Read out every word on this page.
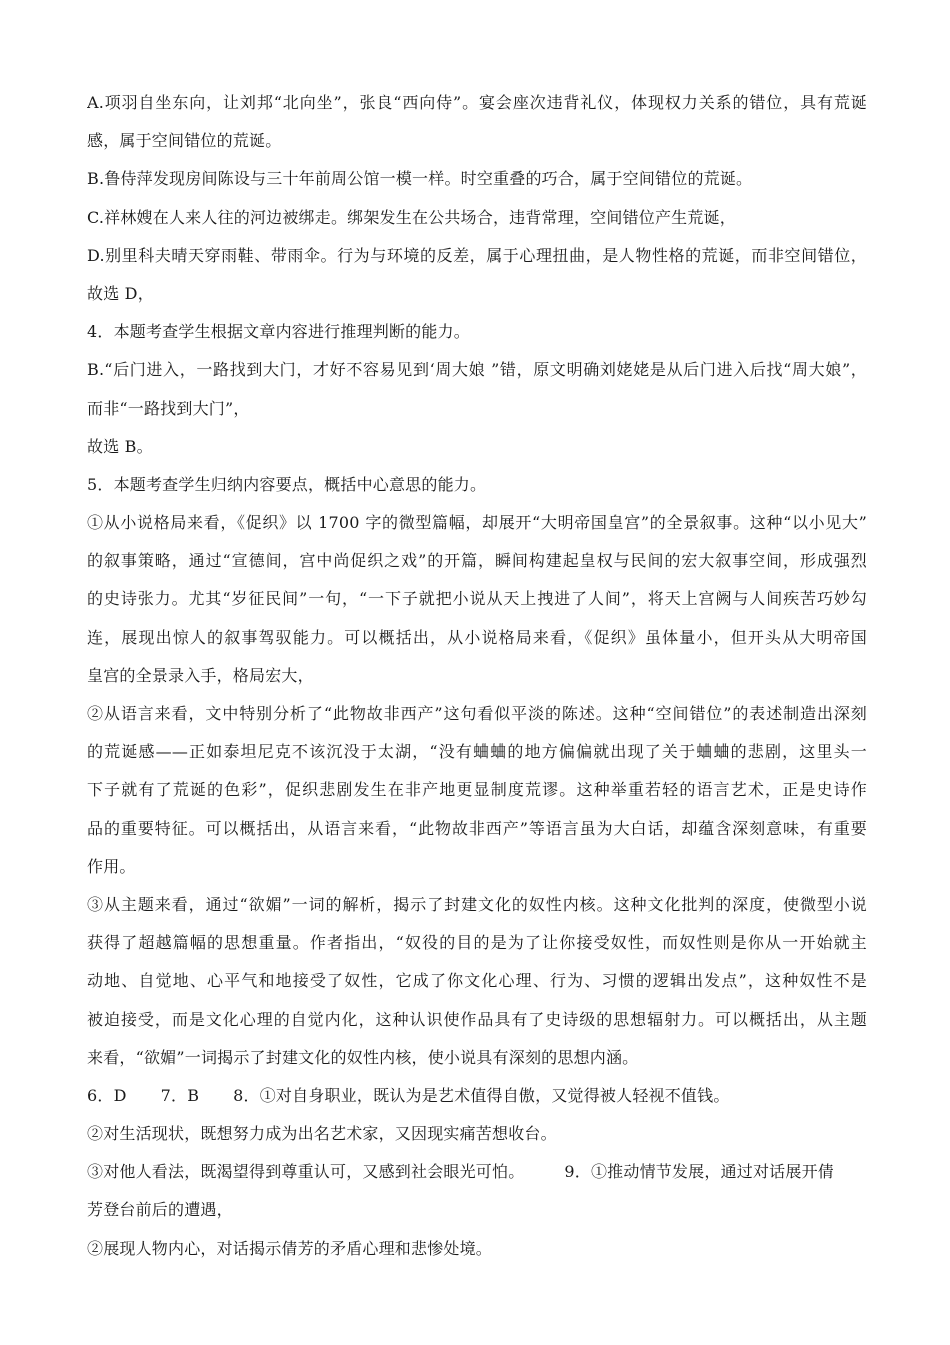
A.项羽自坐东向，让刘邦“北向坐”，张良“西向侍”。宴会座次违背礼仪，体现权力关系的错位，具有荒诞
感，属于空间错位的荒诞。
B.鲁侍萍发现房间陈设与三十年前周公馆一模一样。时空重叠的巧合，属于空间错位的荒诞。
C.祥林嫂在人来人往的河边被绑走。绑架发生在公共场合，违背常理，空间错位产生荒诞，
D.别里科夫晴天穿雨鞋、带雨伞。行为与环境的反差，属于心理扭曲，是人物性格的荒诞，而非空间错位，
故选 D，
4．本题考查学生根据文章内容进行推理判断的能力。
B.“后门进入，一路找到大门，才好不容易见到‘周大娘 ”错，原文明确刘姥姥是从后门进入后找“周大娘”，
而非“一路找到大门”，
故选 B。
5．本题考查学生归纳内容要点，概括中心意思的能力。
①从小说格局来看，《促织》以 1700 字的微型篇幅，却展开“大明帝国皇宫”的全景叙事。这种“以小见大”
的叙事策略，通过“宣德间，宫中尚促织之戏”的开篇，瞬间构建起皇权与民间的宏大叙事空间，形成强烈
的史诗张力。尤其“岁征民间”一句，“一下子就把小说从天上拽进了人间”，将天上宫阙与人间疾苦巧妙勾
连，展现出惊人的叙事驾驭能力。可以概括出，从小说格局来看，《促织》虽体量小，但开头从大明帝国
皇宫的全景录入手，格局宏大，
②从语言来看，文中特别分析了“此物故非西产”这句看似平淡的陈述。这种“空间错位”的表述制造出深刻
的荒诞感——正如泰坦尼克不该沉没于太湖，“没有蛐蛐的地方偏偏就出现了关于蛐蛐的悲剧，这里头一
下子就有了荒诞的色彩”，促织悲剧发生在非产地更显制度荒谬。这种举重若轻的语言艺术，正是史诗作
品的重要特征。可以概括出，从语言来看，“此物故非西产”等语言虽为大白话，却蕴含深刻意味，有重要
作用。
③从主题来看，通过“欲媚”一词的解析，揭示了封建文化的奴性内核。这种文化批判的深度，使微型小说
获得了超越篇幅的思想重量。作者指出，“奴役的目的是为了让你接受奴性，而奴性则是你从一开始就主
动地、自觉地、心平气和地接受了奴性，它成了你文化心理、行为、习惯的逻辑出发点”，这种奴性不是
被迫接受，而是文化心理的自觉内化，这种认识使作品具有了史诗级的思想辐射力。可以概括出，从主题
来看，“欲媚”一词揭示了封建文化的奴性内核，使小说具有深刻的思想内涵。
6．D 7．B 8．①对自身职业，既认为是艺术值得自傲，又觉得被人轻视不值钱。
②对生活现状，既想努力成为出名艺术家，又因现实痛苦想收台。
③对他人看法，既渴望得到尊重认可，又感到社会眼光可怕。	9．①推动情节发展，通过对话展开倩
芳登台前后的遭遇，
②展现人物内心，对话揭示倩芳的矛盾心理和悲惨处境。
